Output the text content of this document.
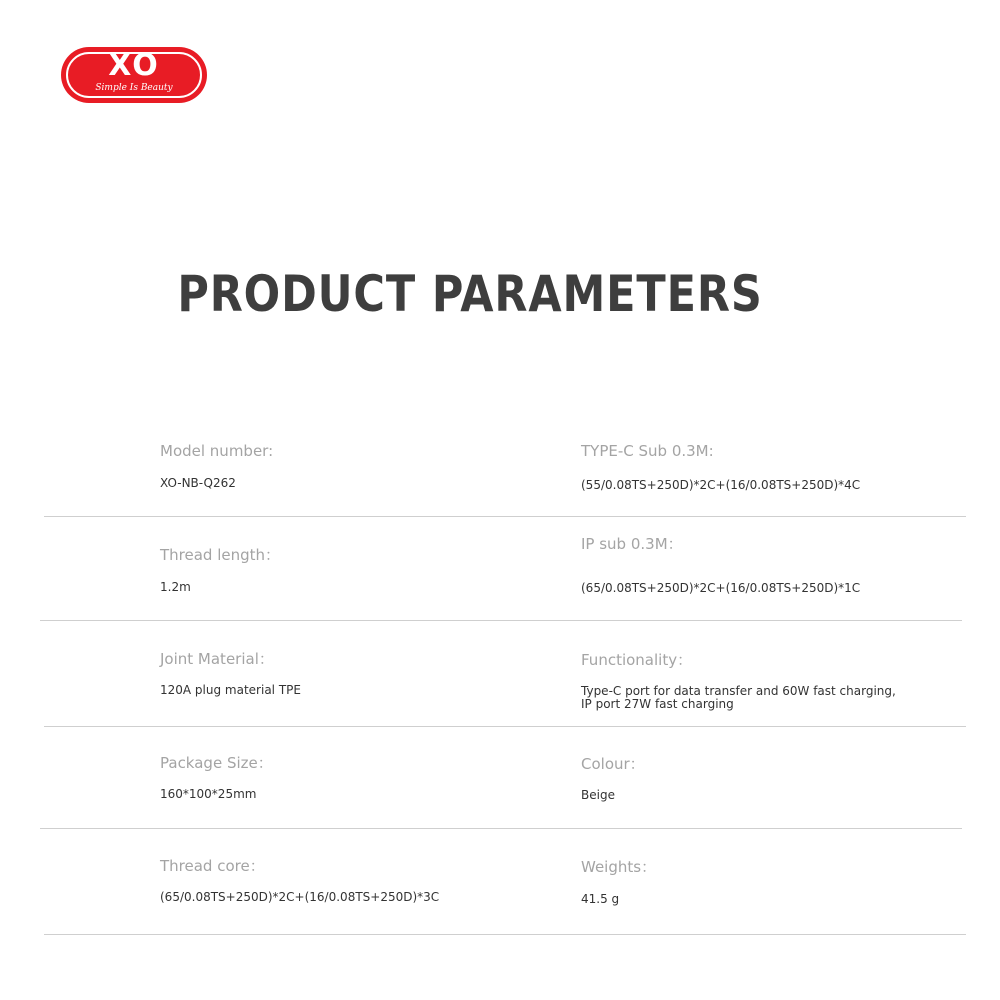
XO
Simple Is Beauty
PRODUCT PARAMETERS
Model number:
XO-NB-Q262
TYPE-C Sub 0.3M:
(55/0.08TS+250D)*2C+(16/0.08TS+250D)*4C
Thread length：
1.2m
IP sub 0.3M：
(65/0.08TS+250D)*2C+(16/0.08TS+250D)*1C
Joint Material：
120A plug material TPE
Functionality：
Type-C port for data transfer and 60W fast charging,
IP port 27W fast charging
Package Size：
160*100*25mm
Colour：
Beige
Thread core：
(65/0.08TS+250D)*2C+(16/0.08TS+250D)*3C
Weights：
41.5 g
